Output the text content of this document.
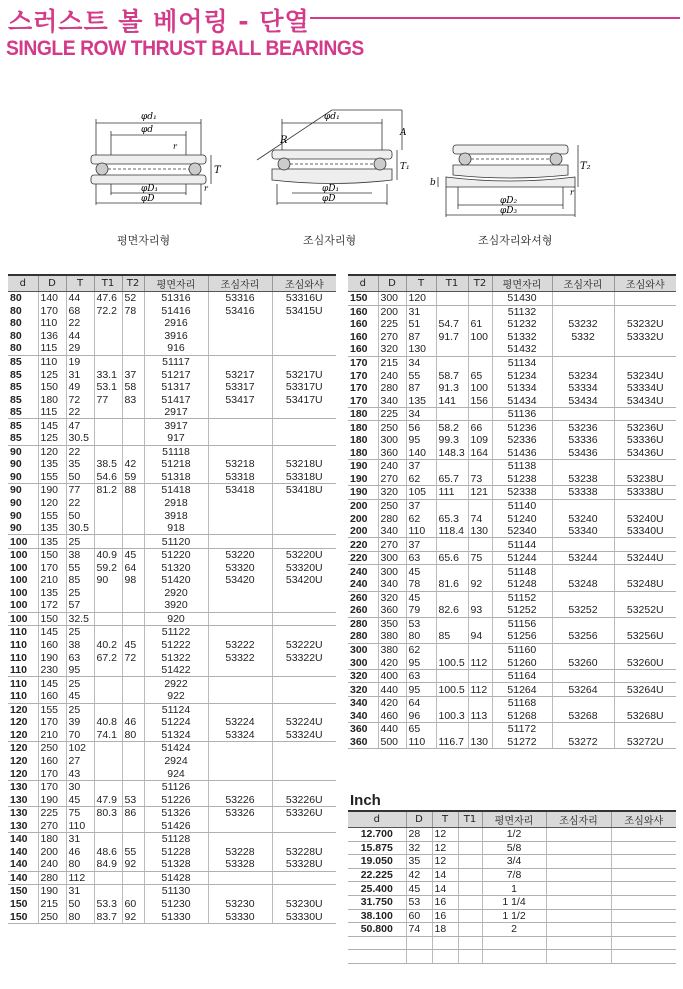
스러스트 볼 베어링 - 단열
SINGLE ROW THRUST BALL BEARINGS
φd₁
φd
r
T
r
φD₁
φD
평면자리형
φd₁
R
A
T₁
φD₁
φD
조심자리형
T₂
b
r
φD₂
φD₃
조심자리와셔형
d	D	T	T1	T2	평면자리	조심자리	조심와샤
80	140	44	47.6	52	51316	53316	53316U
80	170	68	72.2	78	51416	53416	53415U
80	110	22			2916		
80	136	44			3916		
80	115	29			916		
85	110	19			51117		
85	125	31	33.1	37	51217	53217	53217U
85	150	49	53.1	58	51317	53317	53317U
85	180	72	77	83	51417	53417	53417U
85	115	22			2917		
85	145	47			3917		
85	125	30.5			917		
90	120	22			51118		
90	135	35	38.5	42	51218	53218	53218U
90	155	50	54.6	59	51318	53318	53318U
90	190	77	81.2	88	51418	53418	53418U
90	120	22			2918		
90	155	50			3918		
90	135	30.5			918		
100	135	25			51120		
100	150	38	40.9	45	51220	53220	53220U
100	170	55	59.2	64	51320	53320	53320U
100	210	85	90	98	51420	53420	53420U
100	135	25			2920		
100	172	57			3920		
100	150	32.5			920		
110	145	25			51122		
110	160	38	40.2	45	51222	53222	53222U
110	190	63	67.2	72	51322	53322	53322U
110	230	95			51422		
110	145	25			2922		
110	160	45			922		
120	155	25			51124		
120	170	39	40.8	46	51224	53224	53224U
120	210	70	74.1	80	51324	53324	53324U
120	250	102			51424		
120	160	27			2924		
120	170	43			924		
130	170	30			51126		
130	190	45	47.9	53	51226	53226	53226U
130	225	75	80.3	86	51326	53326	53326U
130	270	110			51426		
140	180	31			51128		
140	200	46	48.6	55	51228	53228	53228U
140	240	80	84.9	92	51328	53328	53328U
140	280	112			51428		
150	190	31			51130		
150	215	50	53.3	60	51230	53230	53230U
150	250	80	83.7	92	51330	53330	53330U
d	D	T	T1	T2	평면자리	조심자리	조심와샤
150	300	120			51430		
160	200	31			51132		
160	225	51	54.7	61	51232	53232	53232U
160	270	87	91.7	100	51332	5332	53332U
160	320	130			51432		
170	215	34			51134		
170	240	55	58.7	65	51234	53234	53234U
170	280	87	91.3	100	51334	53334	53334U
170	340	135	141	156	51434	53434	53434U
180	225	34			51136		
180	250	56	58.2	66	51236	53236	53236U
180	300	95	99.3	109	52336	53336	53336U
180	360	140	148.3	164	51436	53436	53436U
190	240	37			51138		
190	270	62	65.7	73	51238	53238	53238U
190	320	105	111	121	52338	53338	53338U
200	250	37			51140		
200	280	62	65.3	74	51240	53240	53240U
200	340	110	118.4	130	52340	53340	53340U
220	270	37			51144		
220	300	63	65.6	75	51244	53244	53244U
240	300	45			51148		
240	340	78	81.6	92	51248	53248	53248U
260	320	45			51152		
260	360	79	82.6	93	51252	53252	53252U
280	350	53			51156		
280	380	80	85	94	51256	53256	53256U
300	380	62			51160		
300	420	95	100.5	112	51260	53260	53260U
320	400	63			51164		
320	440	95	100.5	112	51264	53264	53264U
340	420	64			51168		
340	460	96	100.3	113	51268	53268	53268U
360	440	65			51172		
360	500	110	116.7	130	51272	53272	53272U
Inch
d	D	T	T1	평면자리	조심자리	조심와샤
12.700	28	12		1/2		
15.875	32	12		5/8		
19.050	35	12		3/4		
22.225	42	14		7/8		
25.400	45	14		1		
31.750	53	16		1 1/4		
38.100	60	16		1 1/2		
50.800	74	18		2		
